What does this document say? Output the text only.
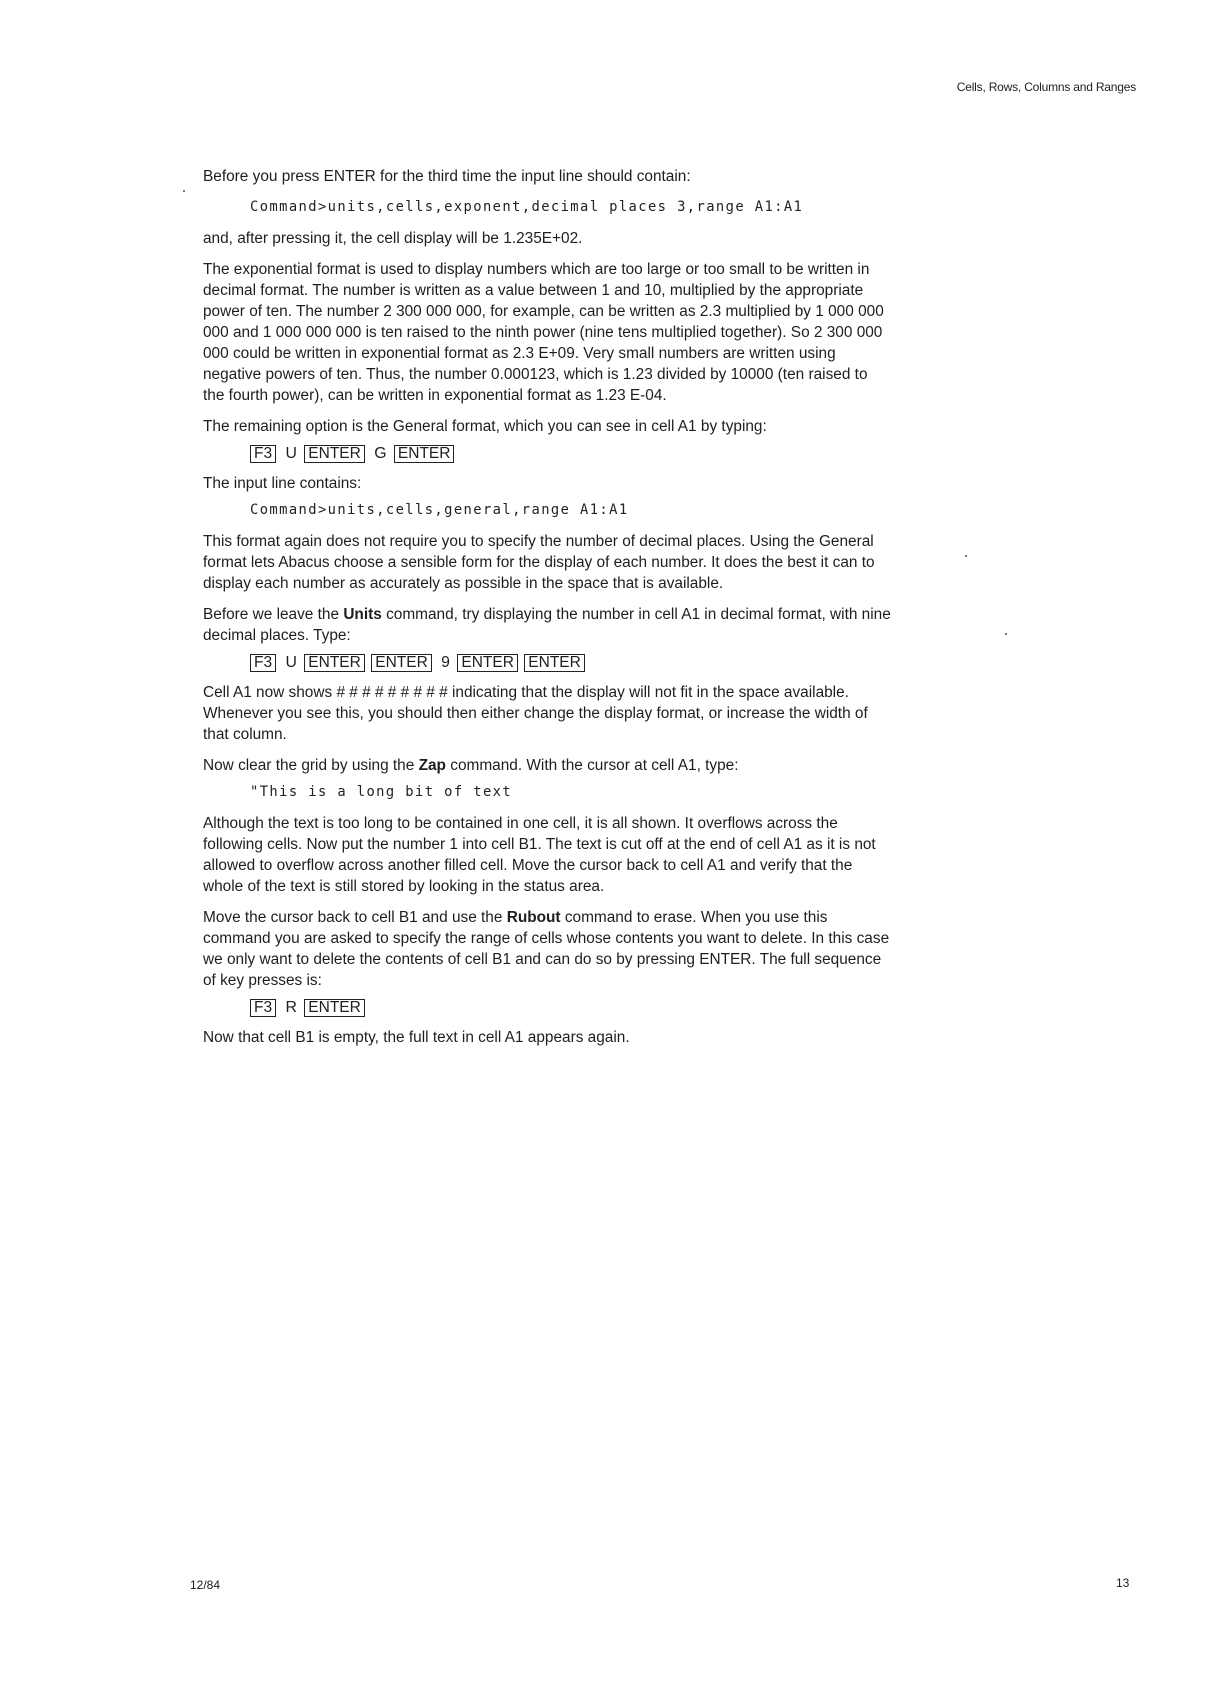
Cells, Rows, Columns and Ranges

Before you press ENTER for the third time the input line should contain:

Command>units,cells,exponent,decimal places 3,range A1:A1

and, after pressing it, the cell display will be 1.235E+02.

The exponential format is used to display numbers which are too large or too small to be written in decimal format. The number is written as a value between 1 and 10, multiplied by the appropriate power of ten. The number 2 300 000 000, for example, can be written as 2.3 multiplied by 1 000 000 000 and 1 000 000 000 is ten raised to the ninth power (nine tens multiplied together). So 2 300 000 000 could be written in exponential format as 2.3 E+09. Very small numbers are written using negative powers of ten. Thus, the number 0.000123, which is 1.23 divided by 10000 (ten raised to the fourth power), can be written in exponential format as 1.23 E-04.

The remaining option is the General format, which you can see in cell A1 by typing:

F3 U ENTER G ENTER

The input line contains:

Command>units,cells,general,range A1:A1

This format again does not require you to specify the number of decimal places. Using the General format lets Abacus choose a sensible form for the display of each number. It does the best it can to display each number as accurately as possible in the space that is available.

Before we leave the Units command, try displaying the number in cell A1 in decimal format, with nine decimal places. Type:

F3 U ENTER ENTER 9 ENTER ENTER

Cell A1 now shows # # # # # # # # # indicating that the display will not fit in the space available. Whenever you see this, you should then either change the display format, or increase the width of that column.

Now clear the grid by using the Zap command. With the cursor at cell A1, type:

"This is a long bit of text

Although the text is too long to be contained in one cell, it is all shown. It overflows across the following cells. Now put the number 1 into cell B1. The text is cut off at the end of cell A1 as it is not allowed to overflow across another filled cell. Move the cursor back to cell A1 and verify that the whole of the text is still stored by looking in the status area.

Move the cursor back to cell B1 and use the Rubout command to erase. When you use this command you are asked to specify the range of cells whose contents you want to delete. In this case we only want to delete the contents of cell B1 and can do so by pressing ENTER. The full sequence of key presses is:

F3 R ENTER

Now that cell B1 is empty, the full text in cell A1 appears again.

12/84	13
